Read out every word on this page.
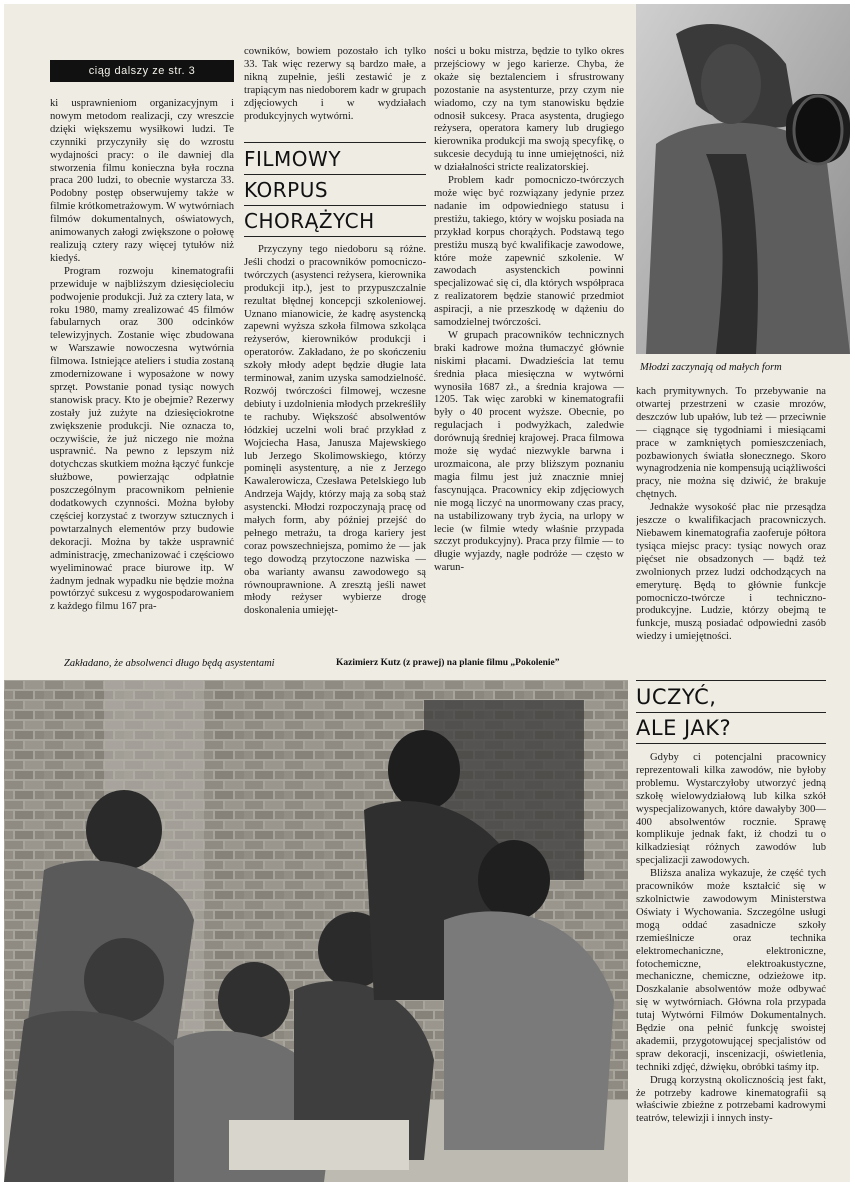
ciąg dalszy ze str. 3

ki usprawnieniom organizacyjnym i nowym metodom realizacji, czy wreszcie dzięki większemu wysiłkowi ludzi. Te czynniki przyczyniły się do wzrostu wydajności pracy: o ile dawniej dla stworzenia filmu konieczna była roczna praca 200 ludzi, to obecnie wystarcza 33. Podobny postęp obserwujemy także w filmie krótkometrażowym. W wytwórniach filmów dokumentalnych, oświatowych, animowanych załogi zwiększone o połowę realizują cztery razy więcej tytułów niż kiedyś.

Program rozwoju kinematografii przewiduje w najbliższym dziesięcioleciu podwojenie produkcji. Już za cztery lata, w roku 1980, mamy zrealizować 45 filmów fabularnych oraz 300 odcinków telewizyjnych. Zostanie więc zbudowana w Warszawie nowoczesna wytwórnia filmowa. Istniejące ateliers i studia zostaną zmodernizowane i wyposażone w nowy sprzęt. Powstanie ponad tysiąc nowych stanowisk pracy. Kto je obejmie? Rezerwy zostały już zużyte na dziesięciokrotne zwiększenie produkcji. Nie oznacza to, oczywiście, że już niczego nie można usprawnić. Na pewno z lepszym niż dotychczas skutkiem można łączyć funkcje służbowe, powierzając odpłatnie poszczególnym pracownikom pełnienie dodatkowych czynności. Można byłoby częściej korzystać z tworzyw sztucznych i powtarzalnych elementów przy budowie dekoracji. Można by także usprawnić administrację, zmechanizować i częściowo wyeliminować prace biurowe itp. W żadnym jednak wypadku nie będzie można powtórzyć sukcesu z wygospodarowaniem z każdego filmu 167 pra-

cowników, bowiem pozostało ich tylko 33. Tak więc rezerwy są bardzo małe, a nikną zupełnie, jeśli zestawić je z trapiącym nas niedoborem kadr w grupach zdjęciowych i w wydziałach produkcyjnych wytwórni.

FILMOWY
KORPUS
CHORĄŻYCH

Przyczyny tego niedoboru są różne. Jeśli chodzi o pracowników pomocniczo-twórczych (asystenci reżysera, kierownika produkcji itp.), jest to przypuszczalnie rezultat błędnej koncepcji szkoleniowej. Uznano mianowicie, że kadrę asystencką zapewni wyższa szkoła filmowa szkoląca reżyserów, kierowników produkcji i operatorów. Zakładano, że po skończeniu szkoły młody adept będzie długie lata terminował, zanim uzyska samodzielność. Rozwój twórczości filmowej, wczesne debiuty i uzdolnienia młodych przekreśliły te rachuby. Większość absolwentów łódzkiej uczelni woli brać przykład z Wojciecha Hasa, Janusza Majewskiego lub Jerzego Skolimowskiego, którzy pominęli asystenturę, a nie z Jerzego Kawalerowicza, Czesława Petelskiego lub Andrzeja Wajdy, którzy mają za sobą staż asystencki. Młodzi rozpoczynają pracę od małych form, aby później przejść do pełnego metrażu, ta droga kariery jest coraz powszechniejsza, pomimo że — jak tego dowodzą przytoczone nazwiska — oba warianty awansu zawodowego są równouprawnione. A zresztą jeśli nawet młody reżyser wybierze drogę doskonalenia umiejęt-

ności u boku mistrza, będzie to tylko okres przejściowy w jego karierze. Chyba, że okaże się beztalenciem i sfrustrowany pozostanie na asystenturze, przy czym nie wiadomo, czy na tym stanowisku będzie odnosił sukcesy. Praca asystenta, drugiego reżysera, operatora kamery lub drugiego kierownika produkcji ma swoją specyfikę, o sukcesie decydują tu inne umiejętności, niż w działalności stricte realizatorskiej.

Problem kadr pomocniczo-twórczych może więc być rozwiązany jedynie przez nadanie im odpowiedniego statusu i prestiżu, takiego, który w wojsku posiada na przykład korpus chorążych. Podstawą tego prestiżu muszą być kwalifikacje zawodowe, które może zapewnić szkolenie. W zawodach asystenckich powinni specjalizować się ci, dla których współpraca z realizatorem będzie stanowić przedmiot aspiracji, a nie przeszkodę w dążeniu do samodzielnej twórczości.

W grupach pracowników technicznych braki kadrowe można tłumaczyć głównie niskimi płacami. Dwadzieścia lat temu średnia płaca miesięczna w wytwórni wynosiła 1687 zł., a średnia krajowa — 1205. Tak więc zarobki w kinematografii były o 40 procent wyższe. Obecnie, po regulacjach i podwyżkach, zaledwie dorównują średniej krajowej. Praca filmowa może się wydać niezwykle barwna i urozmaicona, ale przy bliższym poznaniu magia filmu jest już znacznie mniej fascynująca. Pracownicy ekip zdjęciowych nie mogą liczyć na unormowany czas pracy, na ustabilizowany tryb życia, na urlopy w lecie (w filmie wtedy właśnie przypada szczyt produkcyjny). Praca przy filmie — to długie wyjazdy, nagłe podróże — często w warun-

Młodzi zaczynają od małych form

kach prymitywnych. To przebywanie na otwartej przestrzeni w czasie mrozów, deszczów lub upałów, lub też — przeciwnie — ciągnące się tygodniami i miesiącami prace w zamkniętych pomieszczeniach, pozbawionych światła słonecznego. Skoro wynagrodzenia nie kompensują uciążliwości pracy, nie można się dziwić, że brakuje chętnych.

Jednakże wysokość płac nie przesądza jeszcze o kwalifikacjach pracowniczych. Niebawem kinematografia zaoferuje półtora tysiąca miejsc pracy: tysiąc nowych oraz pięćset nie obsadzonych — bądź też zwolnionych przez ludzi odchodzących na emeryturę. Będą to głównie funkcje pomocniczo-twórcze i techniczno-produkcyjne. Ludzie, którzy obejmą te funkcje, muszą posiadać odpowiedni zasób wiedzy i umiejętności.

Zakładano, że absolwenci długo będą asystentami	Kazimierz Kutz (z prawej) na planie filmu „Pokolenie”
UCZYĆ,
ALE JAK?

Gdyby ci potencjalni pracownicy reprezentowali kilka zawodów, nie byłoby problemu. Wystarczyłoby utworzyć jedną szkołę wielowydziałową lub kilka szkół wyspecjalizowanych, które dawałyby 300—400 absolwentów rocznie. Sprawę komplikuje jednak fakt, iż chodzi tu o kilkadziesiąt różnych zawodów lub specjalizacji zawodowych.

Bliższa analiza wykazuje, że część tych pracowników może kształcić się w szkolnictwie zawodowym Ministerstwa Oświaty i Wychowania. Szczególne usługi mogą oddać zasadnicze szkoły rzemieślnicze oraz technika elektromechaniczne, elektroniczne, fotochemiczne, elektroakustyczne, mechaniczne, chemiczne, odzieżowe itp. Doszkalanie absolwentów może odbywać się w wytwórniach. Główna rola przypada tutaj Wytwórni Filmów Dokumentalnych. Będzie ona pełnić funkcję swoistej akademii, przygotowującej specjalistów od spraw dekoracji, inscenizacji, oświetlenia, techniki zdjęć, dźwięku, obróbki taśmy itp.

Drugą korzystną okolicznością jest fakt, że potrzeby kadrowe kinematografii są właściwie zbieżne z potrzebami kadrowymi teatrów, telewizji i innych insty-
